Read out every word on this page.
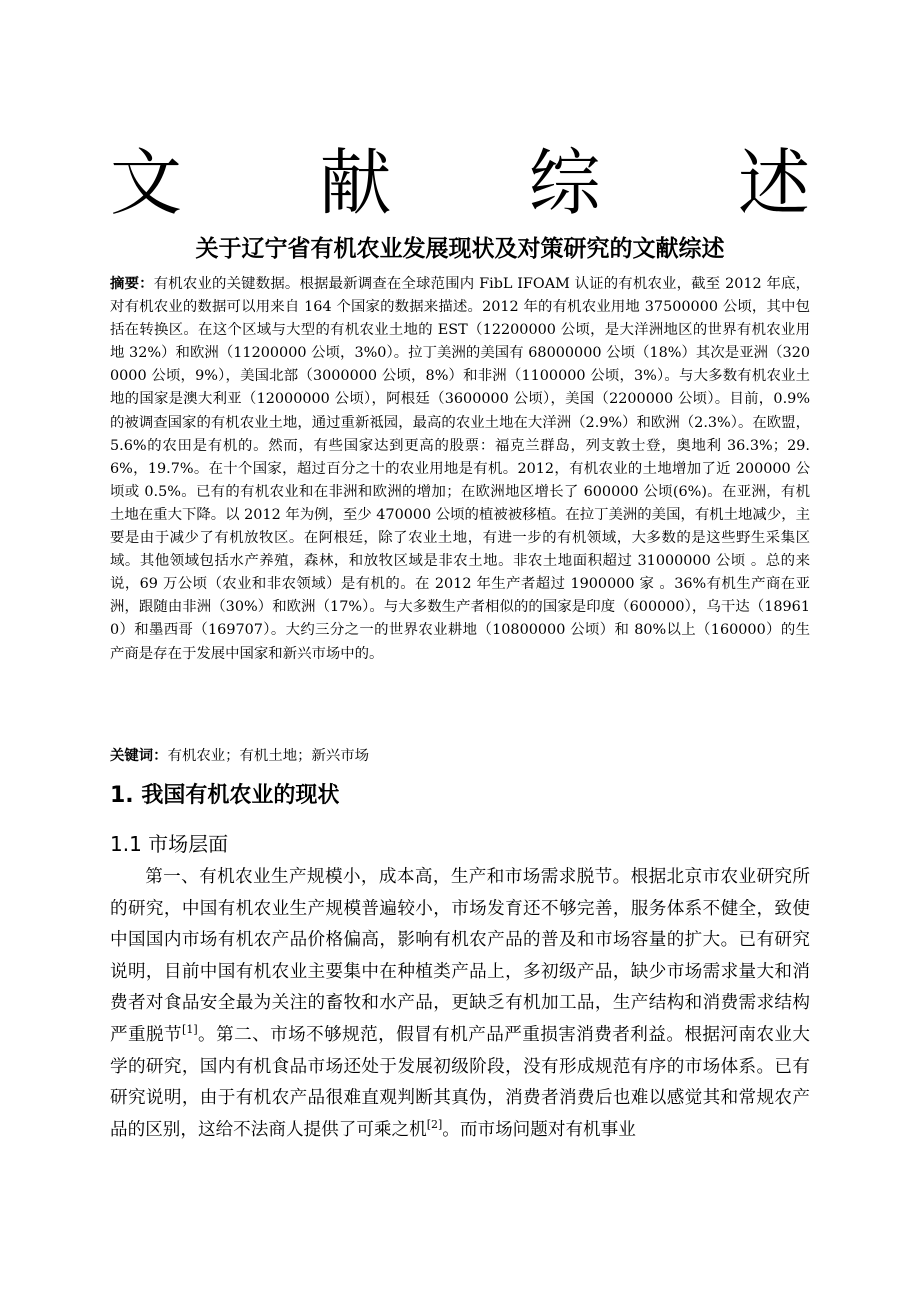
文 献 综 述
关于辽宁省有机农业发展现状及对策研究的文献综述

摘要：有机农业的关键数据。根据最新调查在全球范围内 FibL IFOAM 认证的有机农业，截至 2012 年底，对有机农业的数据可以用来自 164 个国家的数据来描述。2012 年的有机农业用地 37500000 公顷，其中包括在转换区。在这个区域与大型的有机农业土地的 EST（12200000 公顷，是大洋洲地区的世界有机农业用地 32%）和欧洲（11200000 公顷，3%0）。拉丁美洲的美国有 68000000 公顷（18%）其次是亚洲（3200000 公顷，9%），美国北部（3000000 公顷，8%）和非洲（1100000 公顷，3%）。与大多数有机农业土地的国家是澳大利亚（12000000 公顷），阿根廷（3600000 公顷），美国（2200000 公顷）。目前，0.9%的被调查国家的有机农业土地，通过重新祗园，最高的农业土地在大洋洲（2.9%）和欧洲（2.3%）。在欧盟，5.6%的农田是有机的。然而，有些国家达到更高的股票：福克兰群岛，列支敦士登，奥地利 36.3%；29.6%，19.7%。在十个国家，超过百分之十的农业用地是有机。2012，有机农业的土地增加了近 200000 公顷或 0.5%。已有的有机农业和在非洲和欧洲的增加；在欧洲地区增长了 600000 公顷(6%)。在亚洲，有机土地在重大下降。以 2012 年为例，至少 470000 公顷的植被被移植。在拉丁美洲的美国，有机土地减少，主要是由于减少了有机放牧区。在阿根廷，除了农业土地，有进一步的有机领域，大多数的是这些野生采集区域。其他领域包括水产养殖，森林，和放牧区域是非农土地。非农土地面积超过 31000000 公顷 。总的来说，69 万公顷（农业和非农领域）是有机的。在 2012 年生产者超过 1900000 家 。36%有机生产商在亚洲，跟随由非洲（30%）和欧洲（17%）。与大多数生产者相似的的国家是印度（600000），乌干达（189610）和墨西哥（169707）。大约三分之一的世界农业耕地（10800000 公顷）和 80%以上（160000）的生产商是存在于发展中国家和新兴市场中的。

关键词：有机农业；有机土地；新兴市场
1. 我国有机农业的现状
1.1 市场层面

第一、有机农业生产规模小，成本高，生产和市场需求脱节。根据北京市农业研究所的研究，中国有机农业生产规模普遍较小，市场发育还不够完善，服务体系不健全，致使中国国内市场有机农产品价格偏高，影响有机农产品的普及和市场容量的扩大。已有研究说明，目前中国有机农业主要集中在种植类产品上，多初级产品，缺少市场需求量大和消费者对食品安全最为关注的畜牧和水产品，更缺乏有机加工品，生产结构和消费需求结构严重脱节[1]。第二、市场不够规范，假冒有机产品严重损害消费者利益。根据河南农业大学的研究，国内有机食品市场还处于发展初级阶段，没有形成规范有序的市场体系。已有研究说明，由于有机农产品很难直观判断其真伪，消费者消费后也难以感觉其和常规农产品的区别，这给不法商人提供了可乘之机[2]。而市场问题对有机事业
